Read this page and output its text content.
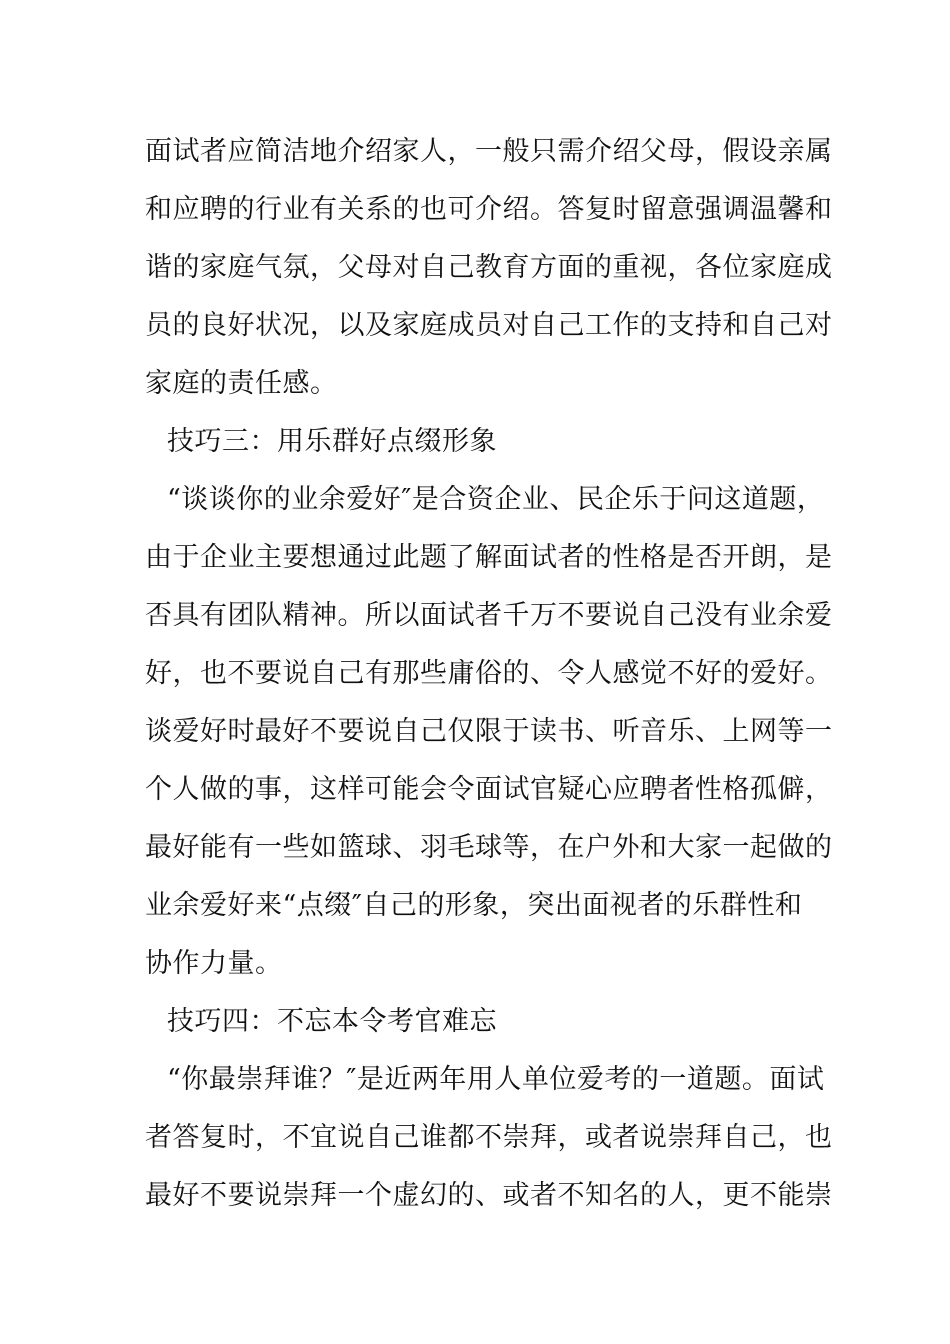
面试者应简洁地介绍家人，一般只需介绍父母，假设亲属
和应聘的行业有关系的也可介绍。答复时留意强调温馨和
谐的家庭气氛，父母对自己教育方面的重视，各位家庭成
员的良好状况，以及家庭成员对自己工作的支持和自己对
家庭的责任感。
技巧三：用乐群好点缀形象
“谈谈你的业余爱好″是合资企业、民企乐于问这道题，
由于企业主要想通过此题了解面试者的性格是否开朗，是
否具有团队精神。所以面试者千万不要说自己没有业余爱
好，也不要说自己有那些庸俗的、令人感觉不好的爱好。
谈爱好时最好不要说自己仅限于读书、听音乐、上网等一
个人做的事，这样可能会令面试官疑心应聘者性格孤僻，
最好能有一些如篮球、羽毛球等，在户外和大家一起做的
业余爱好来“点缀″自己的形象，突出面视者的乐群性和
协作力量。
技巧四：不忘本令考官难忘
“你最崇拜谁？″是近两年用人单位爱考的一道题。面试
者答复时，不宜说自己谁都不崇拜，或者说崇拜自己，也
最好不要说崇拜一个虚幻的、或者不知名的人，更不能崇
